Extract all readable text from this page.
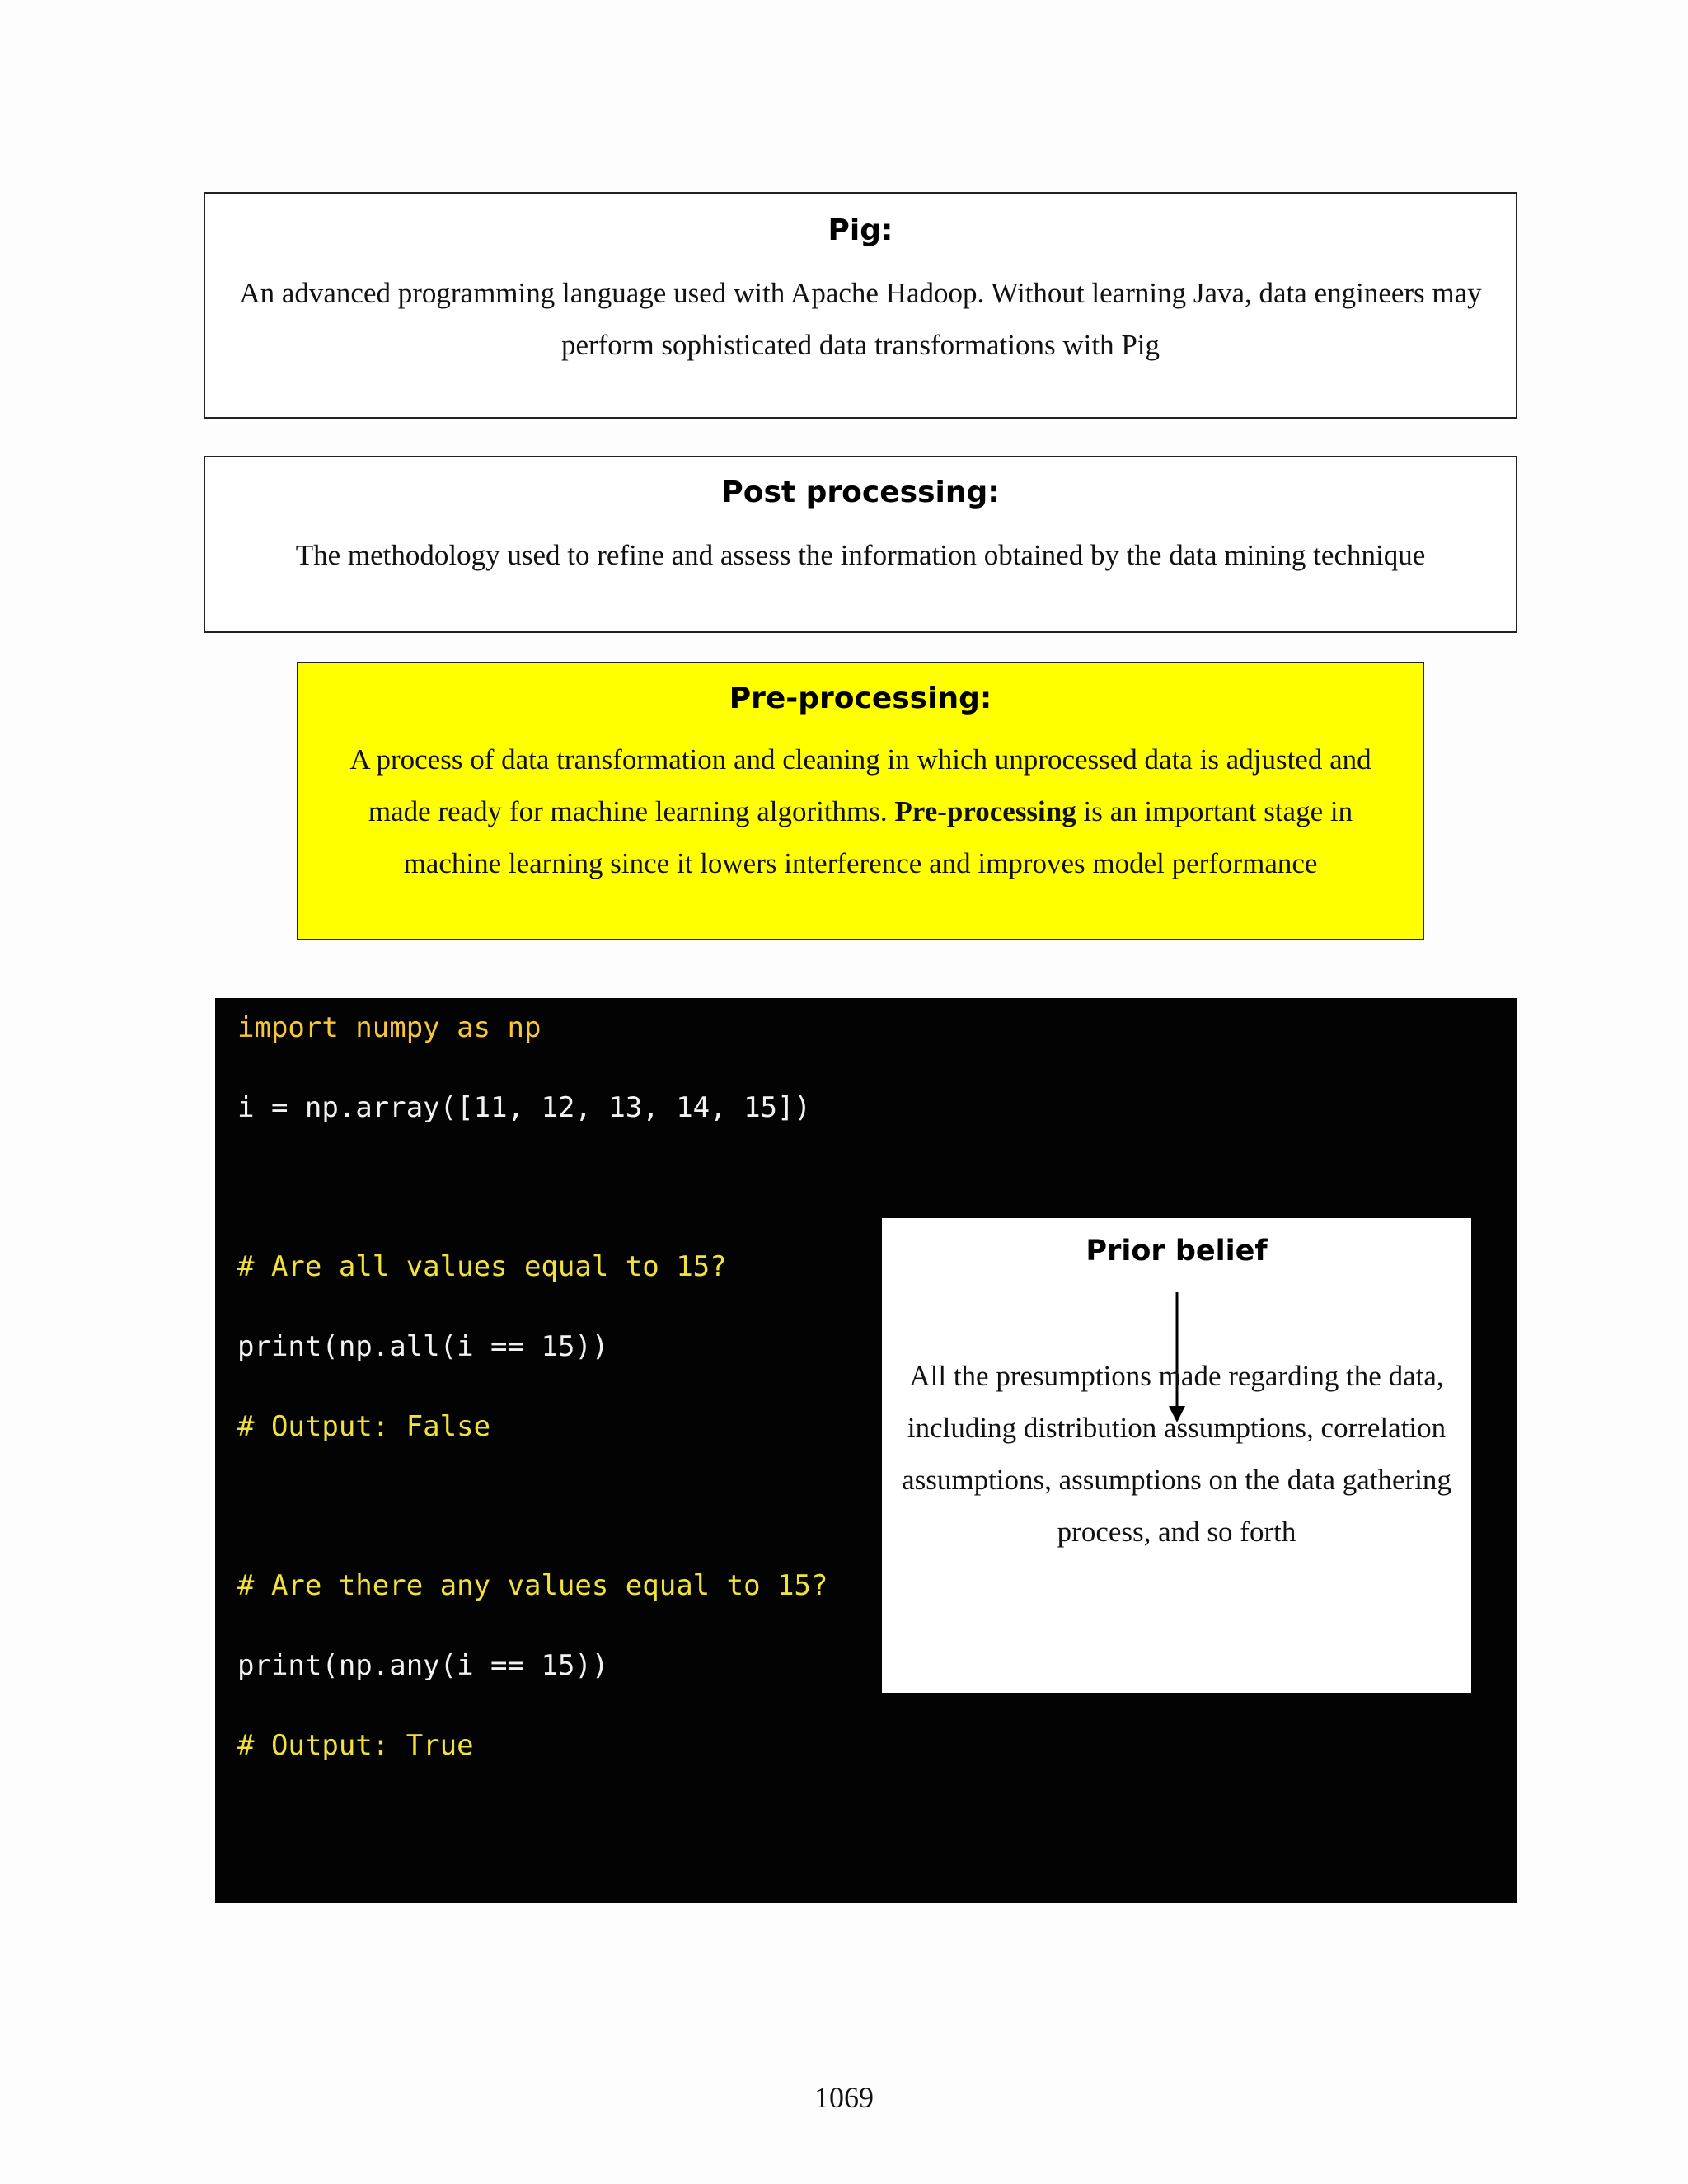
Pig:
An advanced programming language used with Apache Hadoop. Without learning Java, data engineers may perform sophisticated data transformations with Pig
Post processing:
The methodology used to refine and assess the information obtained by the data mining technique
Pre-processing:
A process of data transformation and cleaning in which unprocessed data is adjusted and made ready for machine learning algorithms. Pre-processing is an important stage in machine learning since it lowers interference and improves model performance
import numpy as np
i = np.array([11, 12, 13, 14, 15])
# Are all values equal to 15?
print(np.all(i == 15))
# Output: False
# Are there any values equal to 15?
print(np.any(i == 15))
# Output: True
Prior belief
All the presumptions made regarding the data, including distribution assumptions, correlation assumptions, assumptions on the data gathering process, and so forth
1069
